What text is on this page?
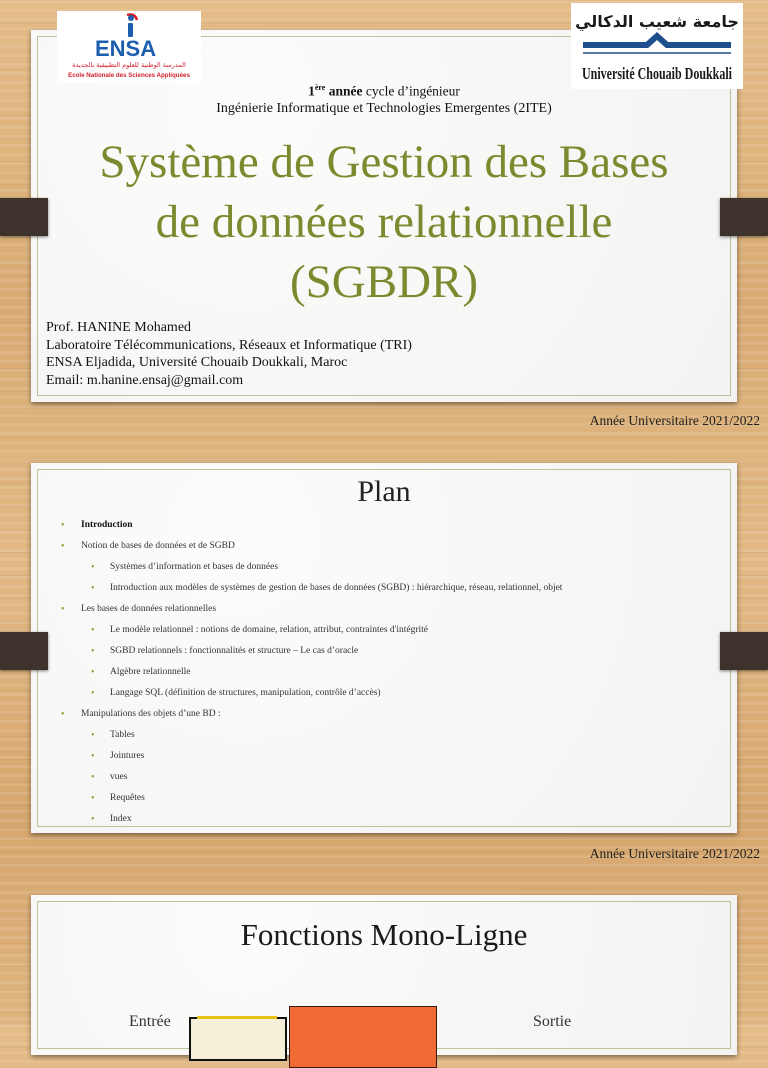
1ère année cycle d’ingénieur
Ingénierie Informatique et Technologies Emergentes (2ITE)
Système de Gestion des Bases
de données relationnelle
(SGBDR)
Prof. HANINE Mohamed
Laboratoire Télécommunications, Réseaux et Informatique (TRI)
ENSA Eljadida, Université Chouaib Doukkali, Maroc
Email: m.hanine.ensaj@gmail.com
ENSA
المدرسة الوطنية للعلوم التطبيقية بالجديدة
Ecole Nationale des Sciences Appliquées
جامعة شعيب الدكالي
Université Chouaib Doukkali
Année Universitaire 2021/2022
Plan
• Introduction
• Notion de bases de données et de SGBD
• Systèmes d’information et bases de données
• Introduction aux modèles de systèmes de gestion de bases de données (SGBD) : hiérarchique, réseau, relationnel, objet
• Les bases de données relationnelles
• Le modèle relationnel : notions de domaine, relation, attribut, contraintes d'intégrité
• SGBD relationnels : fonctionnalités et structure – Le cas d’oracle
• Algèbre relationnelle
• Langage SQL (définition de structures, manipulation, contrôle d’accès)
• Manipulations des objets d’une BD :
• Tables
• Jointures
• vues
• Requêtes
• Index
Année Universitaire 2021/2022
Fonctions Mono-Ligne
Entrée	Sortie
